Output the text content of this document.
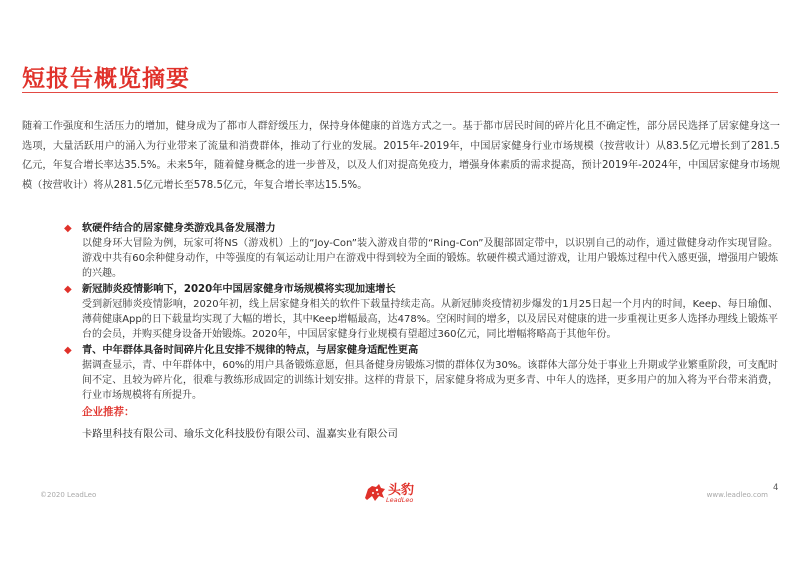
短报告概览摘要
随着工作强度和生活压力的增加，健身成为了都市人群舒缓压力，保持身体健康的首选方式之一。基于都市居民时间的碎片化且不确定性，部分居民选择了居家健身这一选项，大量活跃用户的涌入为行业带来了流量和消费群体，推动了行业的发展。2015年-2019年，中国居家健身行业市场规模（按营收计）从83.5亿元增长到了281.5亿元，年复合增长率达35.5%。未来5年，随着健身概念的进一步普及，以及人们对提高免疫力，增强身体素质的需求提高，预计2019年-2024年，中国居家健身市场规模（按营收计）将从281.5亿元增长至578.5亿元，年复合增长率达15.5%。
◆ 软硬件结合的居家健身类游戏具备发展潜力
以健身环大冒险为例，玩家可将NS（游戏机）上的“Joy-Con”装入游戏自带的“Ring-Con”及腿部固定带中，以识别自己的动作，通过做健身动作实现冒险。游戏中共有60余种健身动作，中等强度的有氧运动让用户在游戏中得到较为全面的锻炼。软硬件模式通过游戏，让用户锻炼过程中代入感更强，增强用户锻炼的兴趣。
◆ 新冠肺炎疫情影响下，2020年中国居家健身市场规模将实现加速增长
受到新冠肺炎疫情影响，2020年初，线上居家健身相关的软件下载量持续走高。从新冠肺炎疫情初步爆发的1月25日起一个月内的时间，Keep、每日瑜伽、薄荷健康App的日下载量均实现了大幅的增长，其中Keep增幅最高，达478%。空闲时间的增多，以及居民对健康的进一步重视让更多人选择办理线上锻炼平台的会员，并购买健身设备开始锻炼。2020年，中国居家健身行业规模有望超过360亿元，同比增幅将略高于其他年份。
◆ 青、中年群体具备时间碎片化且安排不规律的特点，与居家健身适配性更高
据调查显示，青、中年群体中，60%的用户具备锻炼意愿，但具备健身房锻炼习惯的群体仅为30%。该群体大部分处于事业上升期或学业繁重阶段，可支配时间不定、且较为碎片化，很难与教练形成固定的训练计划安排。这样的背景下，居家健身将成为更多青、中年人的选择，更多用户的加入将为平台带来消费，行业市场规模将有所提升。
企业推荐：
卡路里科技有限公司、瑜乐文化科技股份有限公司、温嘉实业有限公司
©2020 LeadLeo	头豹
LeadLeo
4
www.leadleo.com
